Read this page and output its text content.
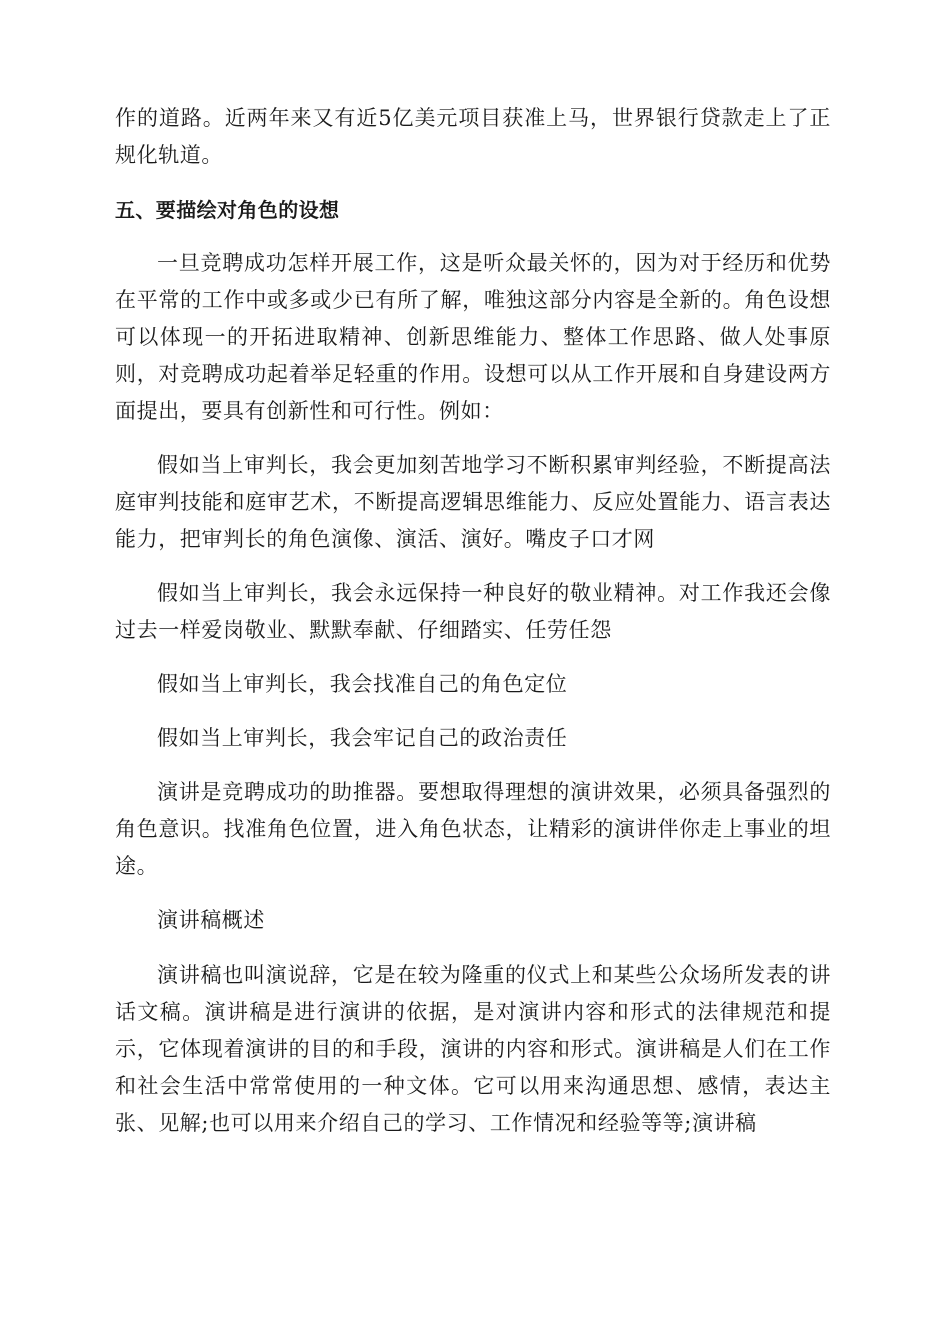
作的道路。近两年来又有近5亿美元项目获准上马，世界银行贷款走上了正规化轨道。

五、要描绘对角色的设想

一旦竞聘成功怎样开展工作，这是听众最关怀的，因为对于经历和优势在平常的工作中或多或少已有所了解，唯独这部分内容是全新的。角色设想可以体现一的开拓进取精神、创新思维能力、整体工作思路、做人处事原则，对竞聘成功起着举足轻重的作用。设想可以从工作开展和自身建设两方面提出，要具有创新性和可行性。例如：

假如当上审判长，我会更加刻苦地学习不断积累审判经验，不断提高法庭审判技能和庭审艺术，不断提高逻辑思维能力、反应处置能力、语言表达能力，把审判长的角色演像、演活、演好。嘴皮子口才网

假如当上审判长，我会永远保持一种良好的敬业精神。对工作我还会像过去一样爱岗敬业、默默奉献、仔细踏实、任劳任怨

假如当上审判长，我会找准自己的角色定位

假如当上审判长，我会牢记自己的政治责任

演讲是竞聘成功的助推器。要想取得理想的演讲效果，必须具备强烈的角色意识。找准角色位置，进入角色状态，让精彩的演讲伴你走上事业的坦途。

演讲稿概述

演讲稿也叫演说辞，它是在较为隆重的仪式上和某些公众场所发表的讲话文稿。演讲稿是进行演讲的依据，是对演讲内容和形式的法律规范和提示，它体现着演讲的目的和手段，演讲的内容和形式。演讲稿是人们在工作和社会生活中常常使用的一种文体。它可以用来沟通思想、感情，表达主张、见解;也可以用来介绍自己的学习、工作情况和经验等等;演讲稿
